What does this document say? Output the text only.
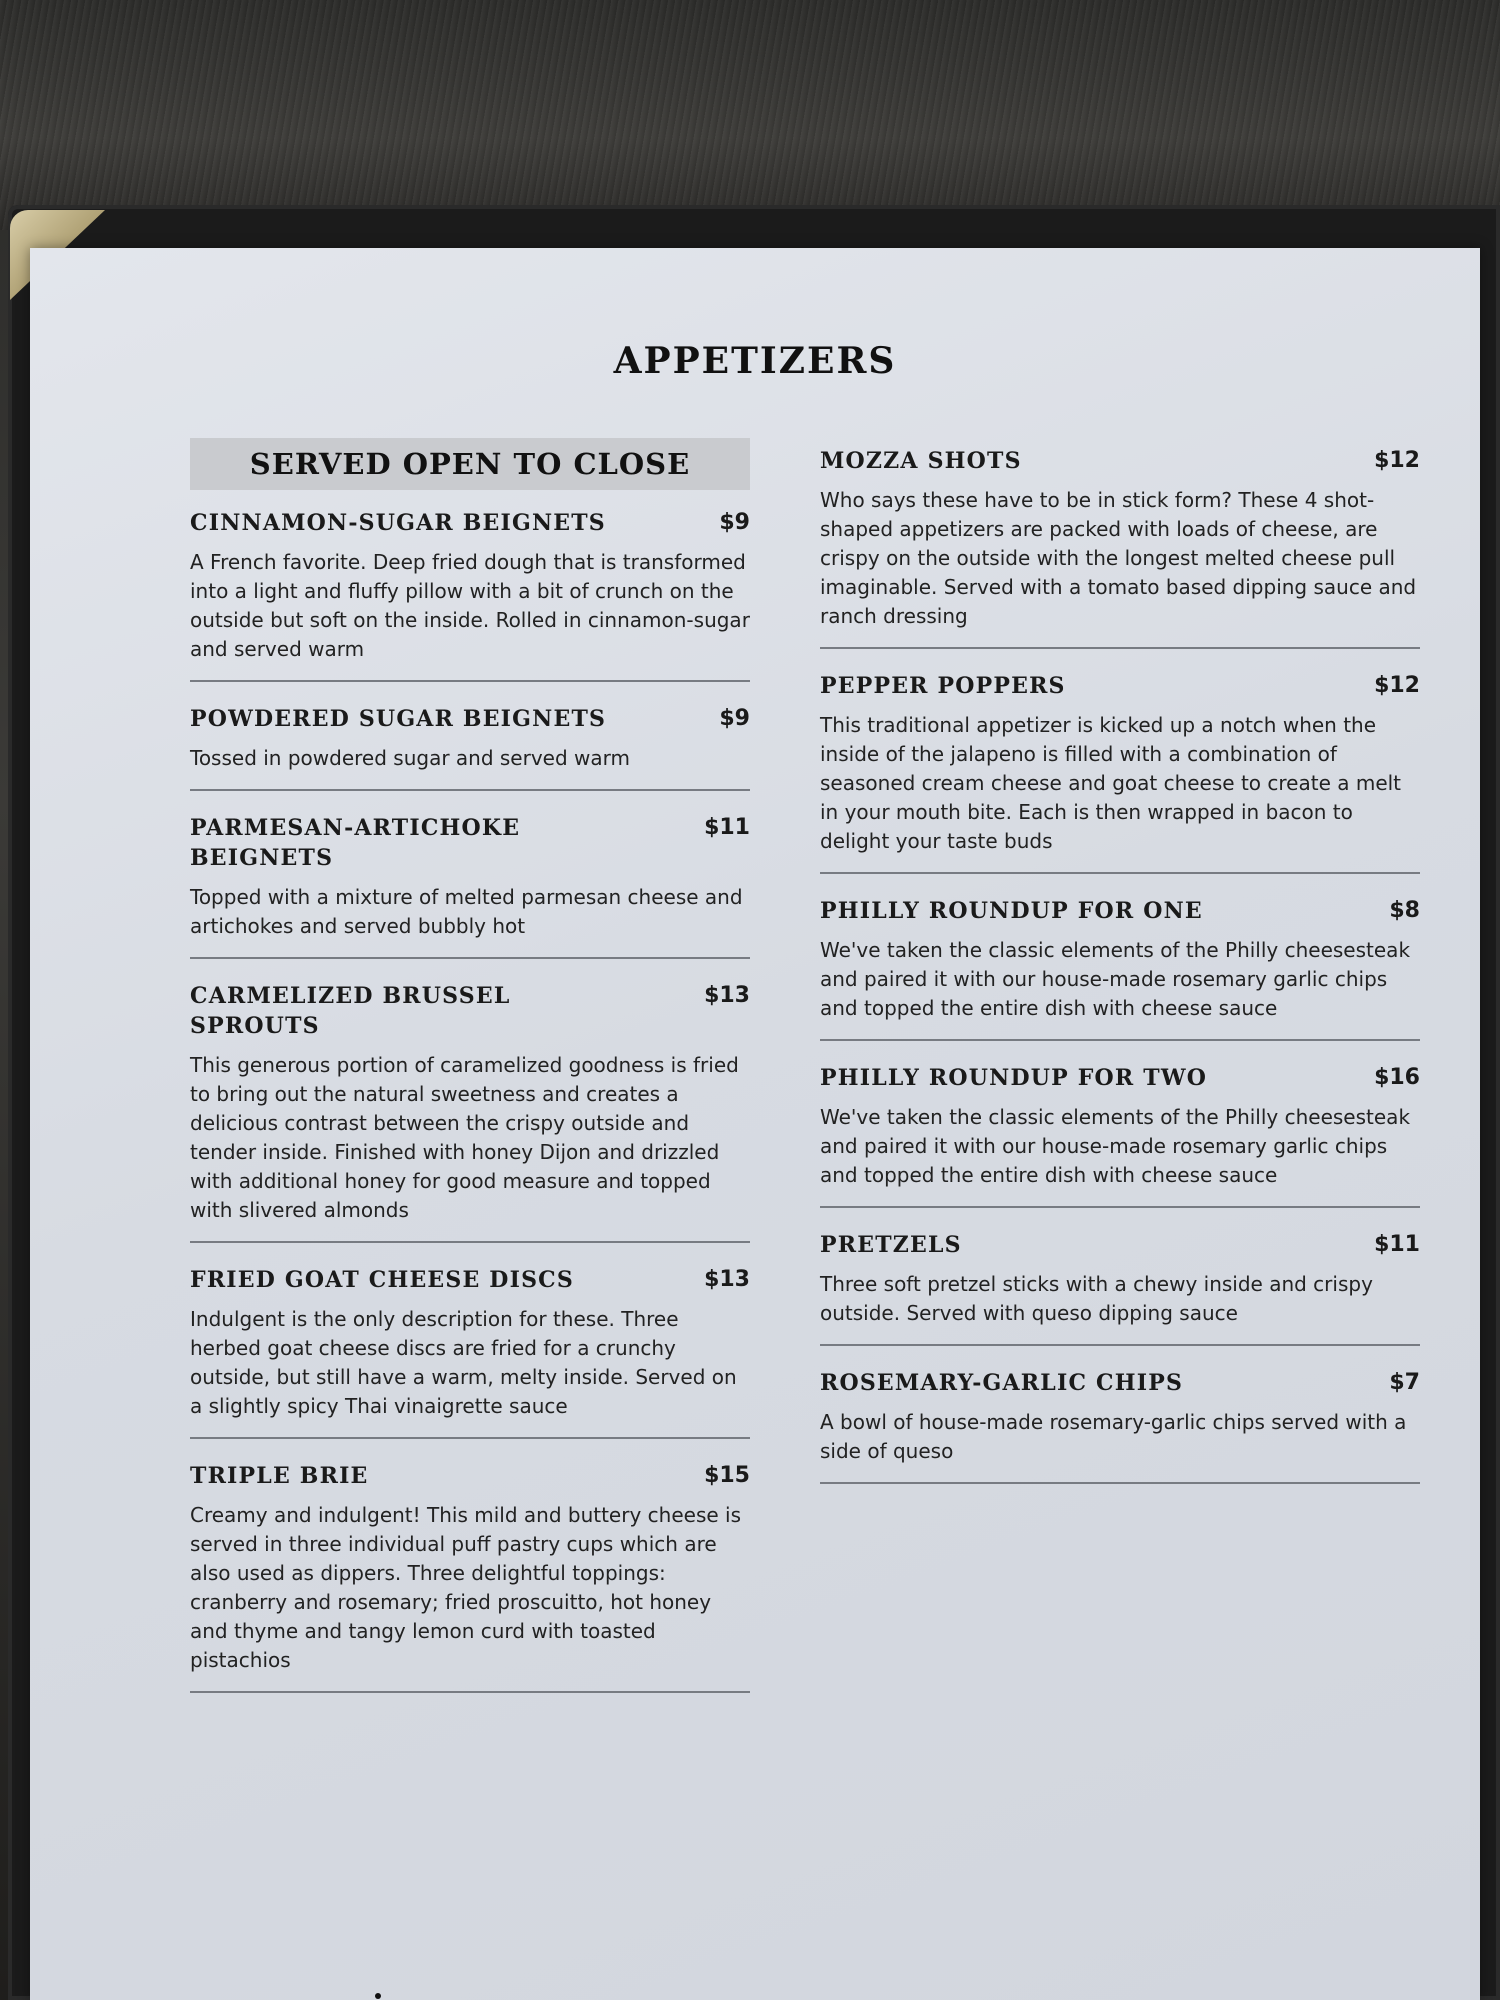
APPETIZERS
SERVED OPEN TO CLOSE
CINNAMON-SUGAR BEIGNETS	$9
A French favorite. Deep fried dough that is transformed into a light and fluffy pillow with a bit of crunch on the outside but soft on the inside. Rolled in cinnamon-sugar and served warm
POWDERED SUGAR BEIGNETS	$9
Tossed in powdered sugar and served warm
PARMESAN-ARTICHOKE BEIGNETS
$11
Topped with a mixture of melted parmesan cheese and artichokes and served bubbly hot
CARMELIZED BRUSSEL SPROUTS
$13
This generous portion of caramelized goodness is fried to bring out the natural sweetness and creates a delicious contrast between the crispy outside and tender inside. Finished with honey Dijon and drizzled with additional honey for good measure and topped with slivered almonds
FRIED GOAT CHEESE DISCS	$13
Indulgent is the only description for these. Three herbed goat cheese discs are fried for a crunchy outside, but still have a warm, melty inside. Served on a slightly spicy Thai vinaigrette sauce
TRIPLE BRIE	$15
Creamy and indulgent! This mild and buttery cheese is served in three individual puff pastry cups which are also used as dippers. Three delightful toppings: cranberry and rosemary; fried proscuitto, hot honey and thyme and tangy lemon curd with toasted pistachios
MOZZA SHOTS	$12
Who says these have to be in stick form? These 4 shot-shaped appetizers are packed with loads of cheese, are crispy on the outside with the longest melted cheese pull imaginable. Served with a tomato based dipping sauce and ranch dressing
PEPPER POPPERS	$12
This traditional appetizer is kicked up a notch when the inside of the jalapeno is filled with a combination of seasoned cream cheese and goat cheese to create a melt in your mouth bite. Each is then wrapped in bacon to delight your taste buds
PHILLY ROUNDUP FOR ONE	$8
We've taken the classic elements of the Philly cheesesteak and paired it with our house-made rosemary garlic chips and topped the entire dish with cheese sauce
PHILLY ROUNDUP FOR TWO	$16
We've taken the classic elements of the Philly cheesesteak and paired it with our house-made rosemary garlic chips and topped the entire dish with cheese sauce
PRETZELS	$11
Three soft pretzel sticks with a chewy inside and crispy outside. Served with queso dipping sauce
ROSEMARY-GARLIC CHIPS	$7
A bowl of house-made rosemary-garlic chips served with a side of queso
